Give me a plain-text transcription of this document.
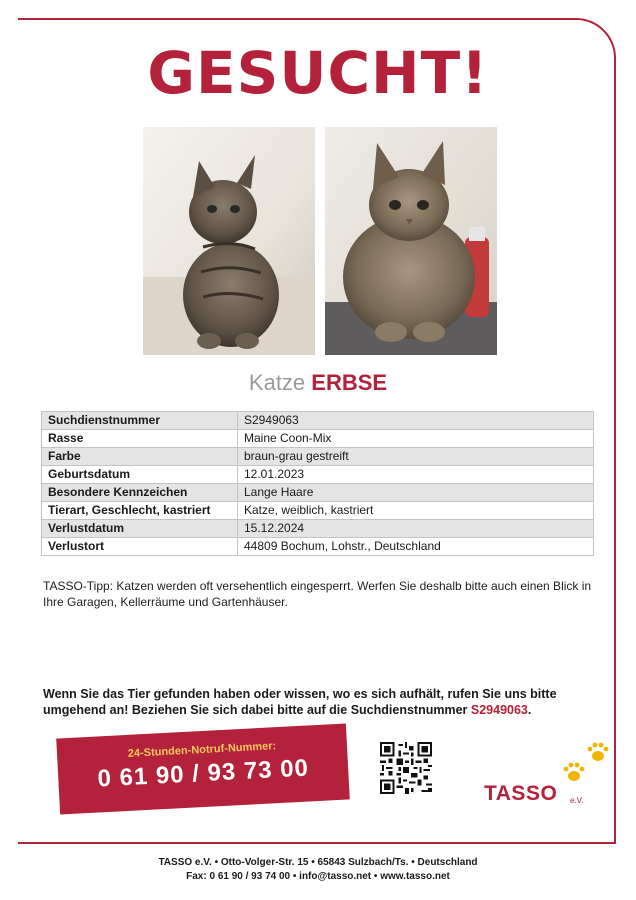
GESUCHT!
Katze ERBSE
Suchdienstnummer	S2949063
Rasse	Maine Coon-Mix
Farbe	braun-grau gestreift
Geburtsdatum	12.01.2023
Besondere Kennzeichen	Lange Haare
Tierart, Geschlecht, kastriert	Katze, weiblich, kastriert
Verlustdatum	15.12.2024
Verlustort	44809 Bochum, Lohstr., Deutschland

TASSO-Tipp: Katzen werden oft versehentlich eingesperrt. Werfen Sie deshalb bitte auch einen Blick in Ihre Garagen, Kellerräume und Gartenhäuser.

Wenn Sie das Tier gefunden haben oder wissen, wo es sich aufhält, rufen Sie uns bitte umgehend an! Beziehen Sie sich dabei bitte auf die Suchdienstnummer S2949063.

24-Stunden-Notruf-Nummer:
0 61 90 / 93 73 00
TASSO e.V.
TASSO e.V. • Otto-Volger-Str. 15 • 65843 Sulzbach/Ts. • Deutschland
Fax: 0 61 90 / 93 74 00 • info@tasso.net • www.tasso.net
